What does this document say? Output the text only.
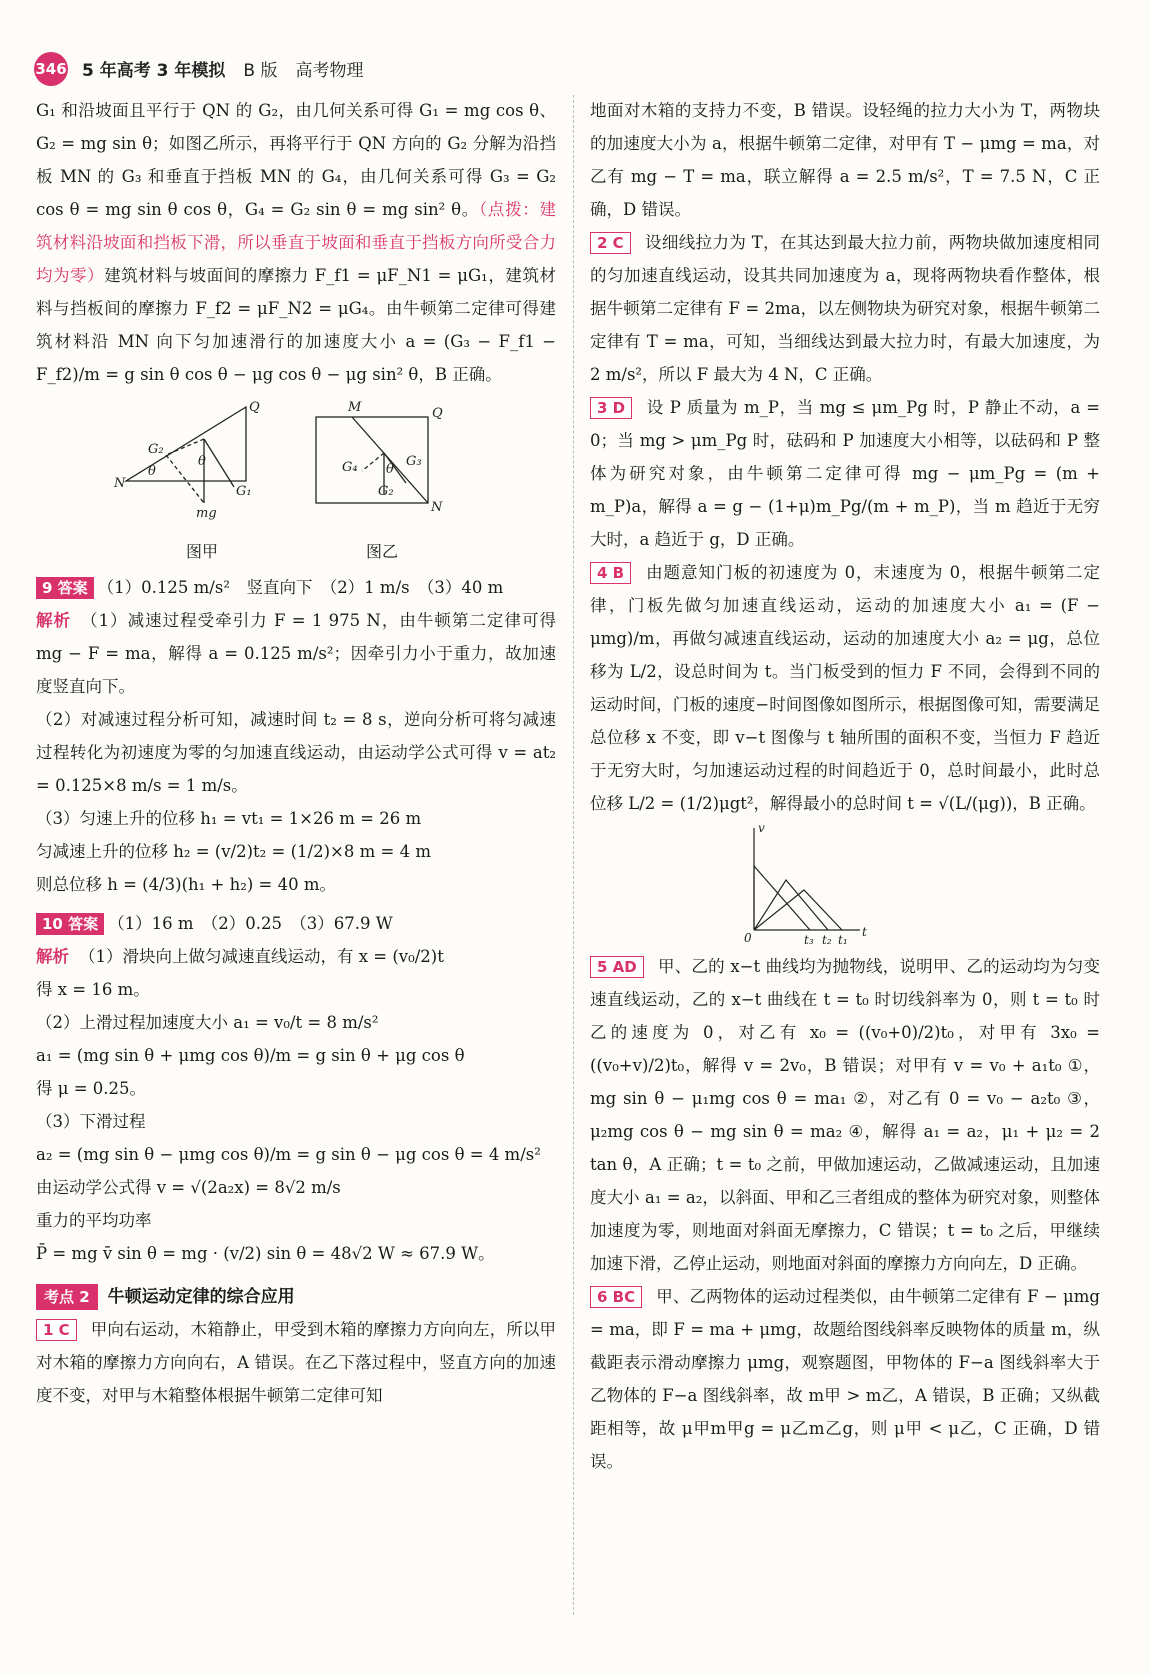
346 5 年高考 3 年模拟 B 版 高考物理

G₁ 和沿坡面且平行于 QN 的 G₂，由几何关系可得 G₁ = mg cos θ、G₂ = mg sin θ；如图乙所示，再将平行于 QN 方向的 G₂ 分解为沿挡板 MN 的 G₃ 和垂直于挡板 MN 的 G₄，由几何关系可得 G₃ = G₂ cos θ = mg sin θ cos θ，G₄ = G₂ sin θ = mg sin² θ。（点拨：建筑材料沿坡面和挡板下滑，所以垂直于坡面和垂直于挡板方向所受合力均为零）建筑材料与坡面间的摩擦力 F_f1 = μF_N1 = μG₁，建筑材料与挡板间的摩擦力 F_f2 = μF_N2 = μG₄。由牛顿第二定律可得建筑材料沿 MN 向下匀加速滑行的加速度大小 a = (G₃ − F_f1 − F_f2)/m = g sin θ cos θ − μg cos θ − μg sin² θ，B 正确。

Q
N
G₂
θ
θ
G₁
mg
M	Q
N
G₄	G₃
G₂
θ
图甲	图乙

9 答案 （1）0.125 m/s²　竖直向下　（2）1 m/s　（3）40 m

解析 （1）减速过程受牵引力 F = 1 975 N，由牛顿第二定律可得 mg − F = ma，解得 a = 0.125 m/s²；因牵引力小于重力，故加速度竖直向下。

（2）对减速过程分析可知，减速时间 t₂ = 8 s，逆向分析可将匀减速过程转化为初速度为零的匀加速直线运动，由运动学公式可得 v = at₂ = 0.125×8 m/s = 1 m/s。

（3）匀速上升的位移 h₁ = vt₁ = 1×26 m = 26 m

匀减速上升的位移 h₂ = (v/2)t₂ = (1/2)×8 m = 4 m

则总位移 h = (4/3)(h₁ + h₂) = 40 m。

10 答案 （1）16 m　（2）0.25　（3）67.9 W

解析 （1）滑块向上做匀减速直线运动，有 x = (v₀/2)t

得 x = 16 m。

（2）上滑过程加速度大小 a₁ = v₀/t = 8 m/s²

a₁ = (mg sin θ + μmg cos θ)/m = g sin θ + μg cos θ

得 μ = 0.25。

（3）下滑过程

a₂ = (mg sin θ − μmg cos θ)/m = g sin θ − μg cos θ = 4 m/s²

由运动学公式得 v = √(2a₂x) = 8√2 m/s

重力的平均功率

P̄ = mg v̄ sin θ = mg · (v/2) sin θ = 48√2 W ≈ 67.9 W。

考点 2 牛顿运动定律的综合应用

1 C 甲向右运动，木箱静止，甲受到木箱的摩擦力方向向左，所以甲对木箱的摩擦力方向向右，A 错误。在乙下落过程中，竖直方向的加速度不变，对甲与木箱整体根据牛顿第二定律可知

地面对木箱的支持力不变，B 错误。设轻绳的拉力大小为 T，两物块的加速度大小为 a，根据牛顿第二定律，对甲有 T − μmg = ma，对乙有 mg − T = ma，联立解得 a = 2.5 m/s²，T = 7.5 N，C 正确，D 错误。

2 C 设细线拉力为 T，在其达到最大拉力前，两物块做加速度相同的匀加速直线运动，设其共同加速度为 a，现将两物块看作整体，根据牛顿第二定律有 F = 2ma，以左侧物块为研究对象，根据牛顿第二定律有 T = ma，可知，当细线达到最大拉力时，有最大加速度，为 2 m/s²，所以 F 最大为 4 N，C 正确。

3 D 设 P 质量为 m_P，当 mg ≤ μm_Pg 时，P 静止不动，a = 0；当 mg > μm_Pg 时，砝码和 P 加速度大小相等，以砝码和 P 整体为研究对象，由牛顿第二定律可得 mg − μm_Pg = (m + m_P)a，解得 a = g − (1+μ)m_Pg/(m + m_P)，当 m 趋近于无穷大时，a 趋近于 g，D 正确。

4 B 由题意知门板的初速度为 0，末速度为 0，根据牛顿第二定律，门板先做匀加速直线运动，运动的加速度大小 a₁ = (F − μmg)/m，再做匀减速直线运动，运动的加速度大小 a₂ = μg，总位移为 L/2，设总时间为 t。当门板受到的恒力 F 不同，会得到不同的运动时间，门板的速度−时间图像如图所示，根据图像可知，需要满足总位移 x 不变，即 v−t 图像与 t 轴所围的面积不变，当恒力 F 趋近于无穷大时，匀加速运动过程的时间趋近于 0，总时间最小，此时总位移 L/2 = (1/2)μgt²，解得最小的总时间 t = √(L/(μg))，B 正确。

v
0	t
t₃ t₂ t₁

5 AD 甲、乙的 x−t 曲线均为抛物线，说明甲、乙的运动均为匀变速直线运动，乙的 x−t 曲线在 t = t₀ 时切线斜率为 0，则 t = t₀ 时乙的速度为 0，对乙有 x₀ = ((v₀+0)/2)t₀，对甲有 3x₀ = ((v₀+v)/2)t₀，解得 v = 2v₀，B 错误；对甲有 v = v₀ + a₁t₀ ①，mg sin θ − μ₁mg cos θ = ma₁ ②，对乙有 0 = v₀ − a₂t₀ ③，μ₂mg cos θ − mg sin θ = ma₂ ④，解得 a₁ = a₂，μ₁ + μ₂ = 2 tan θ，A 正确；t = t₀ 之前，甲做加速运动，乙做减速运动，且加速度大小 a₁ = a₂，以斜面、甲和乙三者组成的整体为研究对象，则整体加速度为零，则地面对斜面无摩擦力，C 错误；t = t₀ 之后，甲继续加速下滑，乙停止运动，则地面对斜面的摩擦力方向向左，D 正确。

6 BC 甲、乙两物体的运动过程类似，由牛顿第二定律有 F − μmg = ma，即 F = ma + μmg，故题给图线斜率反映物体的质量 m，纵截距表示滑动摩擦力 μmg，观察题图，甲物体的 F−a 图线斜率大于乙物体的 F−a 图线斜率，故 m甲 > m乙，A 错误，B 正确；又纵截距相等，故 μ甲m甲g = μ乙m乙g，则 μ甲 < μ乙，C 正确，D 错误。
